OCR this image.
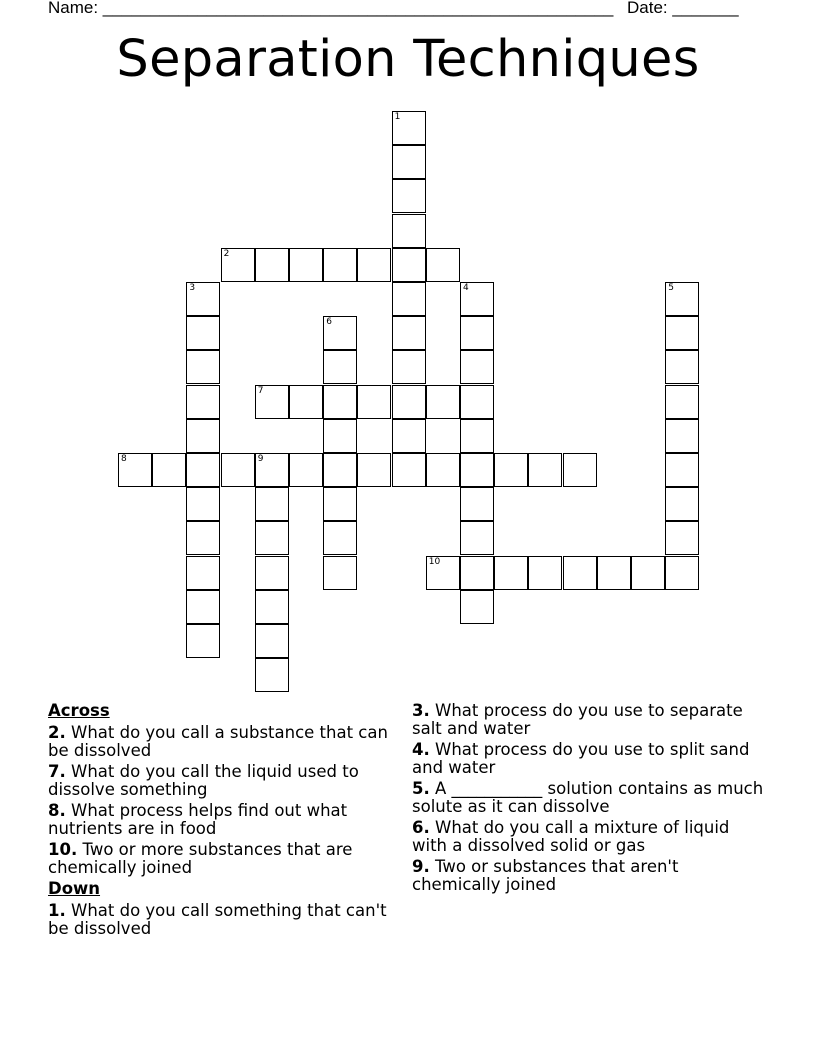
Name: ______________________________________________________ Date: _______
Separation Techniques
1
2
3	4	5
6
7
8	9
10
Across
2. What do you call a substance that can be dissolved
7. What do you call the liquid used to dissolve something
8. What process helps find out what nutrients are in food
10. Two or more substances that are chemically joined
Down
1. What do you call something that can't be dissolved
3. What process do you use to separate salt and water
4. What process do you use to split sand and water
5. A ___________ solution contains as much solute as it can dissolve
6. What do you call a mixture of liquid with a dissolved solid or gas
9. Two or substances that aren't chemically joined
